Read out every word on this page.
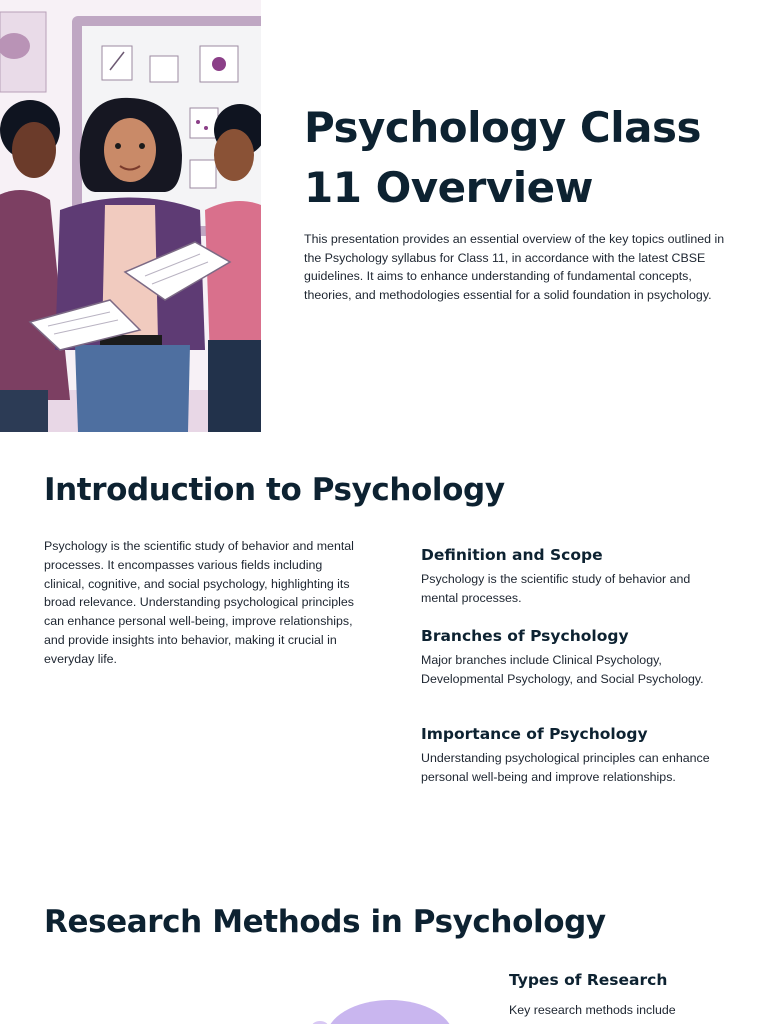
Psychology Class 11 Overview

This presentation provides an essential overview of the key topics outlined in the Psychology syllabus for Class 11, in accordance with the latest CBSE guidelines. It aims to enhance understanding of fundamental concepts, theories, and methodologies essential for a solid foundation in psychology.

Introduction to Psychology

Psychology is the scientific study of behavior and mental processes. It encompasses various fields including clinical, cognitive, and social psychology, highlighting its broad relevance. Understanding psychological principles can enhance personal well-being, improve relationships, and provide insights into behavior, making it crucial in everyday life.

Definition and Scope

Psychology is the scientific study of behavior and mental processes.

Branches of Psychology

Major branches include Clinical Psychology, Developmental Psychology, and Social Psychology.

Importance of Psychology

Understanding psychological principles can enhance personal well-being and improve relationships.

Research Methods in Psychology
Types of Research

Key research methods include
